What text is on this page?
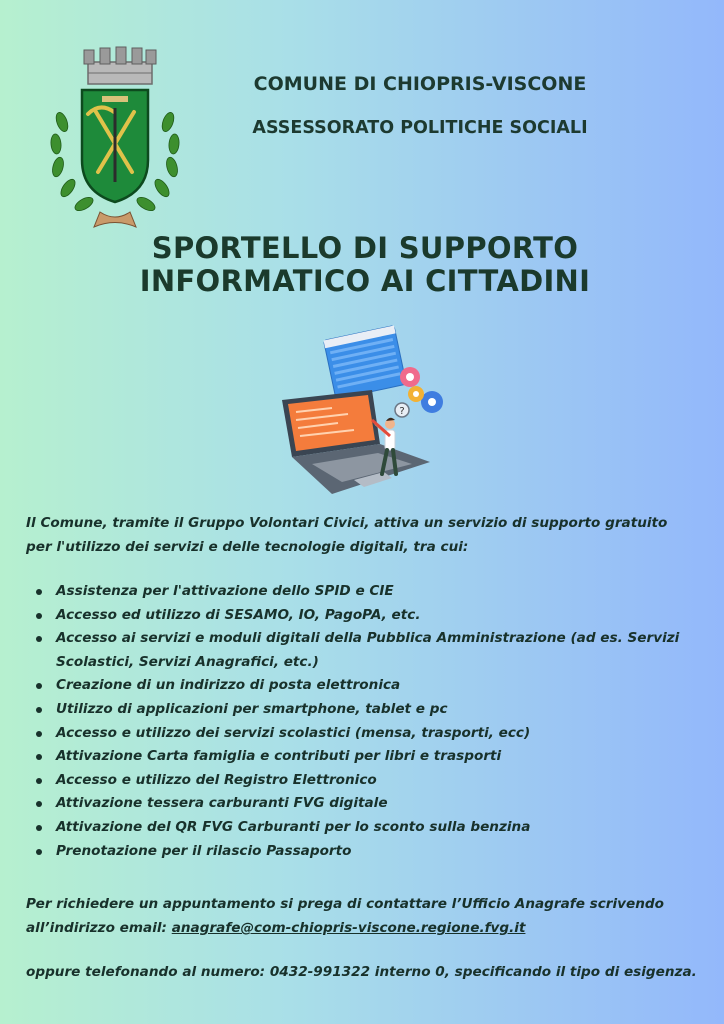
COMUNE DI CHIOPRIS-VISCONE
ASSESSORATO POLITICHE SOCIALI
SPORTELLO DI SUPPORTO
INFORMATICO AI CITTADINI
?
Il Comune, tramite il Gruppo Volontari Civici, attiva un servizio di supporto gratuito
per l'utilizzo dei servizi e delle tecnologie digitali, tra cui:
Assistenza per l'attivazione dello SPID e CIE
Accesso ed utilizzo di SESAMO, IO, PagoPA, etc.
Accesso ai servizi e moduli digitali della Pubblica Amministrazione (ad es. Servizi Scolastici, Servizi Anagrafici, etc.)
Creazione di un indirizzo di posta elettronica
Utilizzo di applicazioni per smartphone, tablet e pc
Accesso e utilizzo dei servizi scolastici (mensa, trasporti, ecc)
Attivazione Carta famiglia e contributi per libri e trasporti
Accesso e utilizzo del Registro Elettronico
Attivazione tessera carburanti FVG digitale
Attivazione del QR FVG Carburanti per lo sconto sulla benzina
Prenotazione per il rilascio Passaporto
Per richiedere un appuntamento si prega di contattare l’Ufficio Anagrafe scrivendo
all’indirizzo email: anagrafe@com-chiopris-viscone.regione.fvg.it
oppure telefonando al numero: 0432-991322 interno 0, specificando il tipo di esigenza.
